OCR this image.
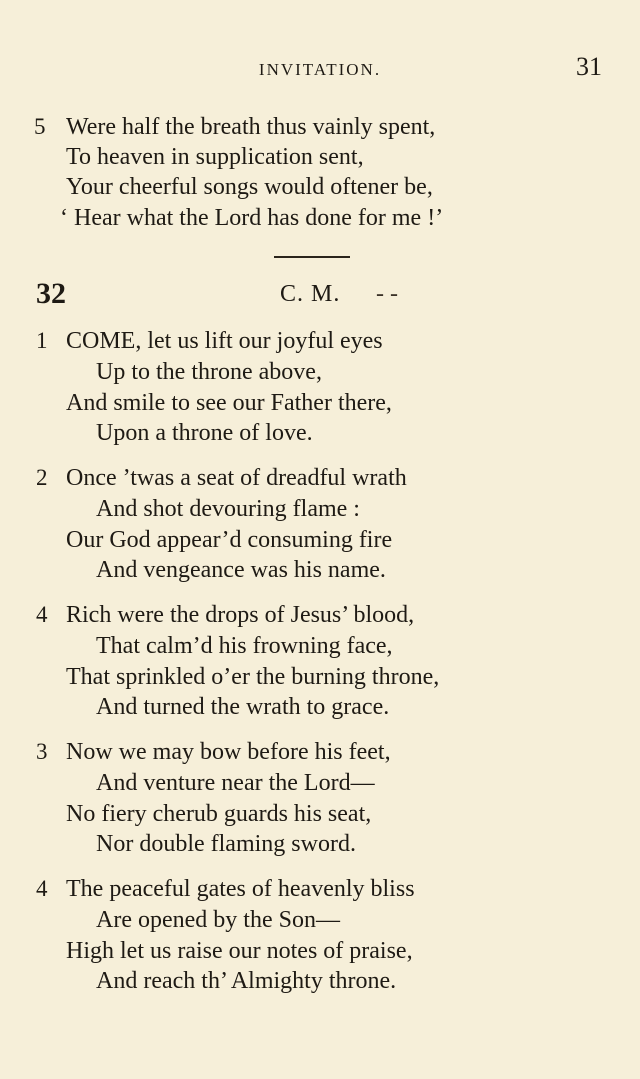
INVITATION.	31
5 Were half the breath thus vainly spent,
To heaven in supplication sent,
Your cheerful songs would oftener be,
‘ Hear what the Lord has done for me !’
32	C. M. - -
1 COME, let us lift our joyful eyes
Up to the throne above,
And smile to see our Father there,
Upon a throne of love.
2 Once ’twas a seat of dreadful wrath
And shot devouring flame :
Our God appear’d consuming fire
And vengeance was his name.
4 Rich were the drops of Jesus’ blood,
That calm’d his frowning face,
That sprinkled o’er the burning throne,
And turned the wrath to grace.
3 Now we may bow before his feet,
And venture near the Lord—
No fiery cherub guards his seat,
Nor double flaming sword.
4 The peaceful gates of heavenly bliss
Are opened by the Son—
High let us raise our notes of praise,
And reach th’ Almighty throne.
